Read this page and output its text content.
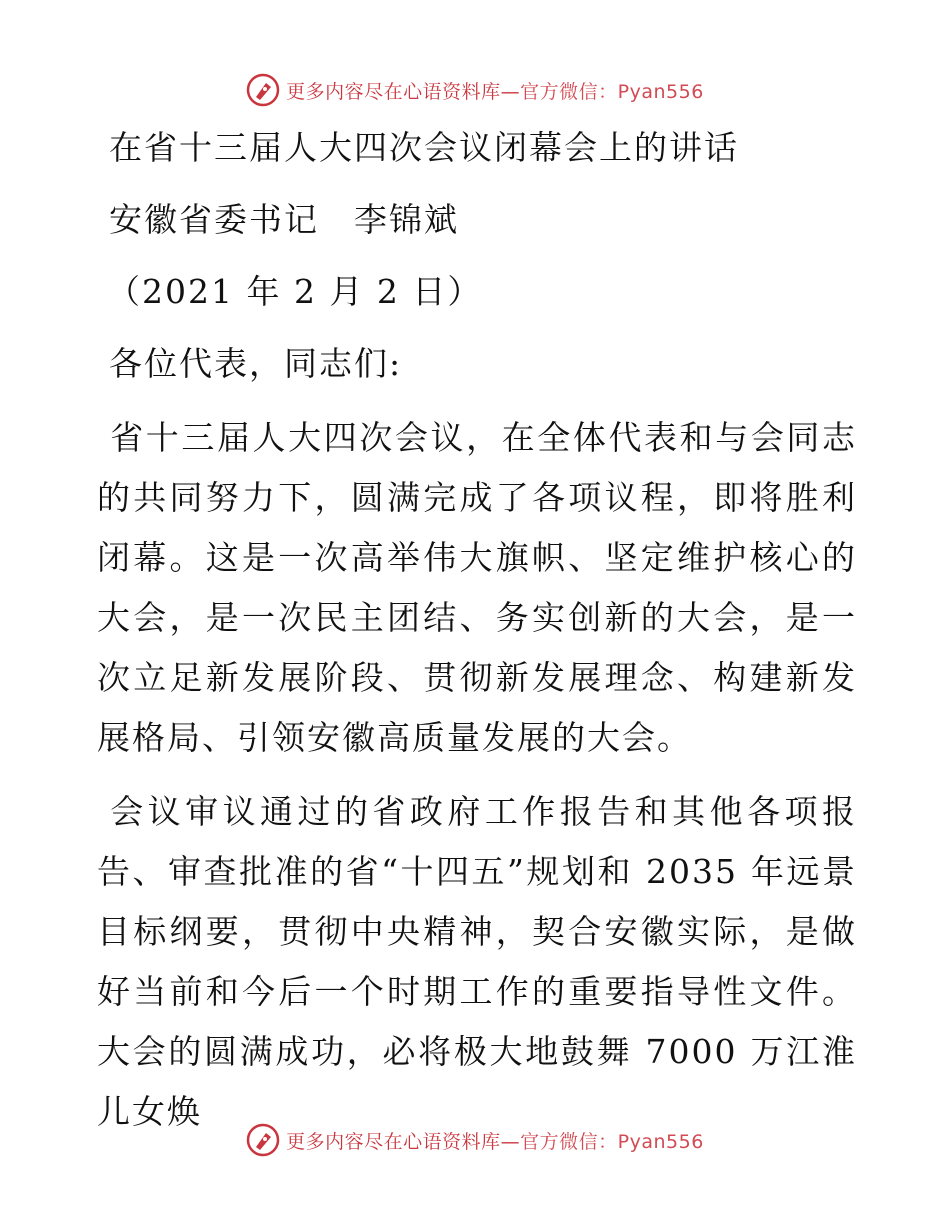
更多内容尽在心语资料库—官方微信：Pyan556
在省十三届人大四次会议闭幕会上的讲话
安徽省委书记　李锦斌
（2021 年 2 月 2 日）
各位代表，同志们:

省十三届人大四次会议，在全体代表和与会同志的共同努力下，圆满完成了各项议程，即将胜利闭幕。这是一次高举伟大旗帜、坚定维护核心的大会，是一次民主团结、务实创新的大会，是一次立足新发展阶段、贯彻新发展理念、构建新发展格局、引领安徽高质量发展的大会。

会议审议通过的省政府工作报告和其他各项报告、审查批准的省“十四五”规划和 2035 年远景目标纲要，贯彻中央精神，契合安徽实际，是做好当前和今后一个时期工作的重要指导性文件。大会的圆满成功，必将极大地鼓舞 7000 万江淮儿女焕

更多内容尽在心语资料库—官方微信：Pyan556
